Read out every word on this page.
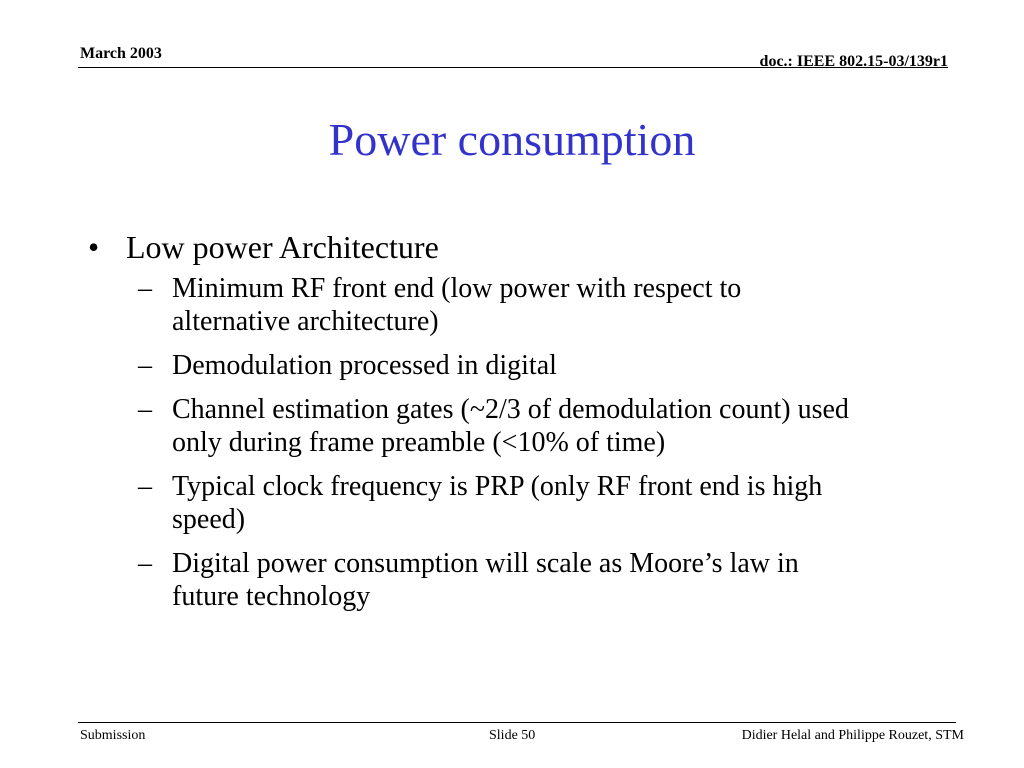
March 2003	doc.: IEEE 802.15-03/139r1
Power consumption
• Low power Architecture
– Minimum RF front end (low power with respect to alternative architecture)
– Demodulation processed in digital
– Channel estimation gates (~2/3 of demodulation count) used only during frame preamble (<10% of time)
– Typical clock frequency is PRP (only RF front end is high speed)
– Digital power consumption will scale as Moore’s law in future technology
Submission	Slide 50	Didier Helal and Philippe Rouzet, STM
